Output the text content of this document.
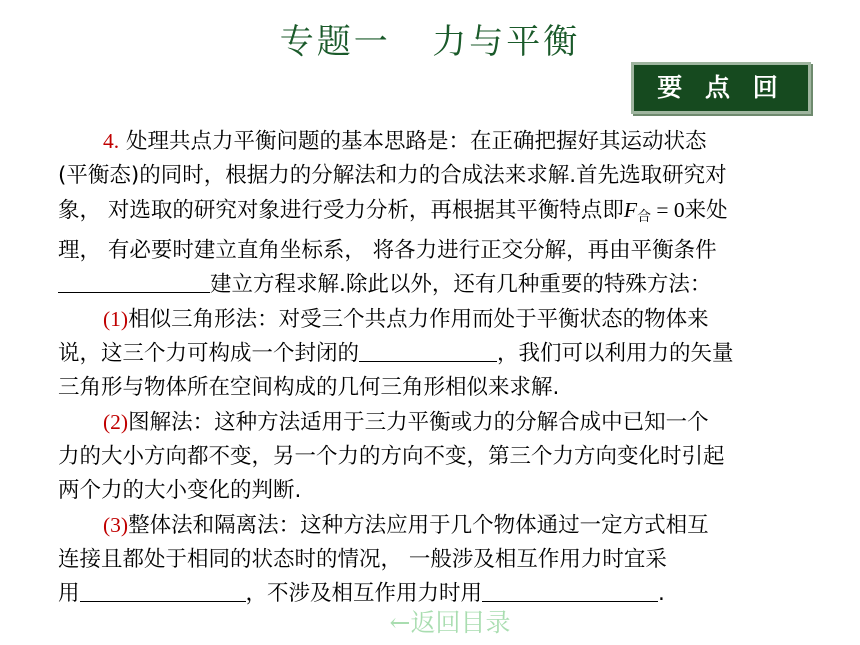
专题一   力与平衡
要 点 回 顾

4. 处理共点力平衡问题的基本思路是：在正确把握好其运动状态
(平衡态)的同时，根据力的分解法和力的合成法来求解.首先选取研究对
象， 对选取的研究对象进行受力分析，再根据其平衡特点即F合 = 0来处
理， 有必要时建立直角坐标系， 将各力进行正交分解，再由平衡条件
建立方程求解.除此以外，还有几种重要的特殊方法：

(1)相似三角形法：对受三个共点力作用而处于平衡状态的物体来
说，这三个力可构成一个封闭的	，我们可以利用力的矢量
三角形与物体所在空间构成的几何三角形相似来求解.

(2)图解法：这种方法适用于三力平衡或力的分解合成中已知一个
力的大小方向都不变，另一个力的方向不变，第三个力方向变化时引起
两个力的大小变化的判断.

(3)整体法和隔离法：这种方法应用于几个物体通过一定方式相互
连接且都处于相同的状态时的情况， 一般涉及相互作用力时宜采
用	，不涉及相互作用力时用	.

←返回目录
